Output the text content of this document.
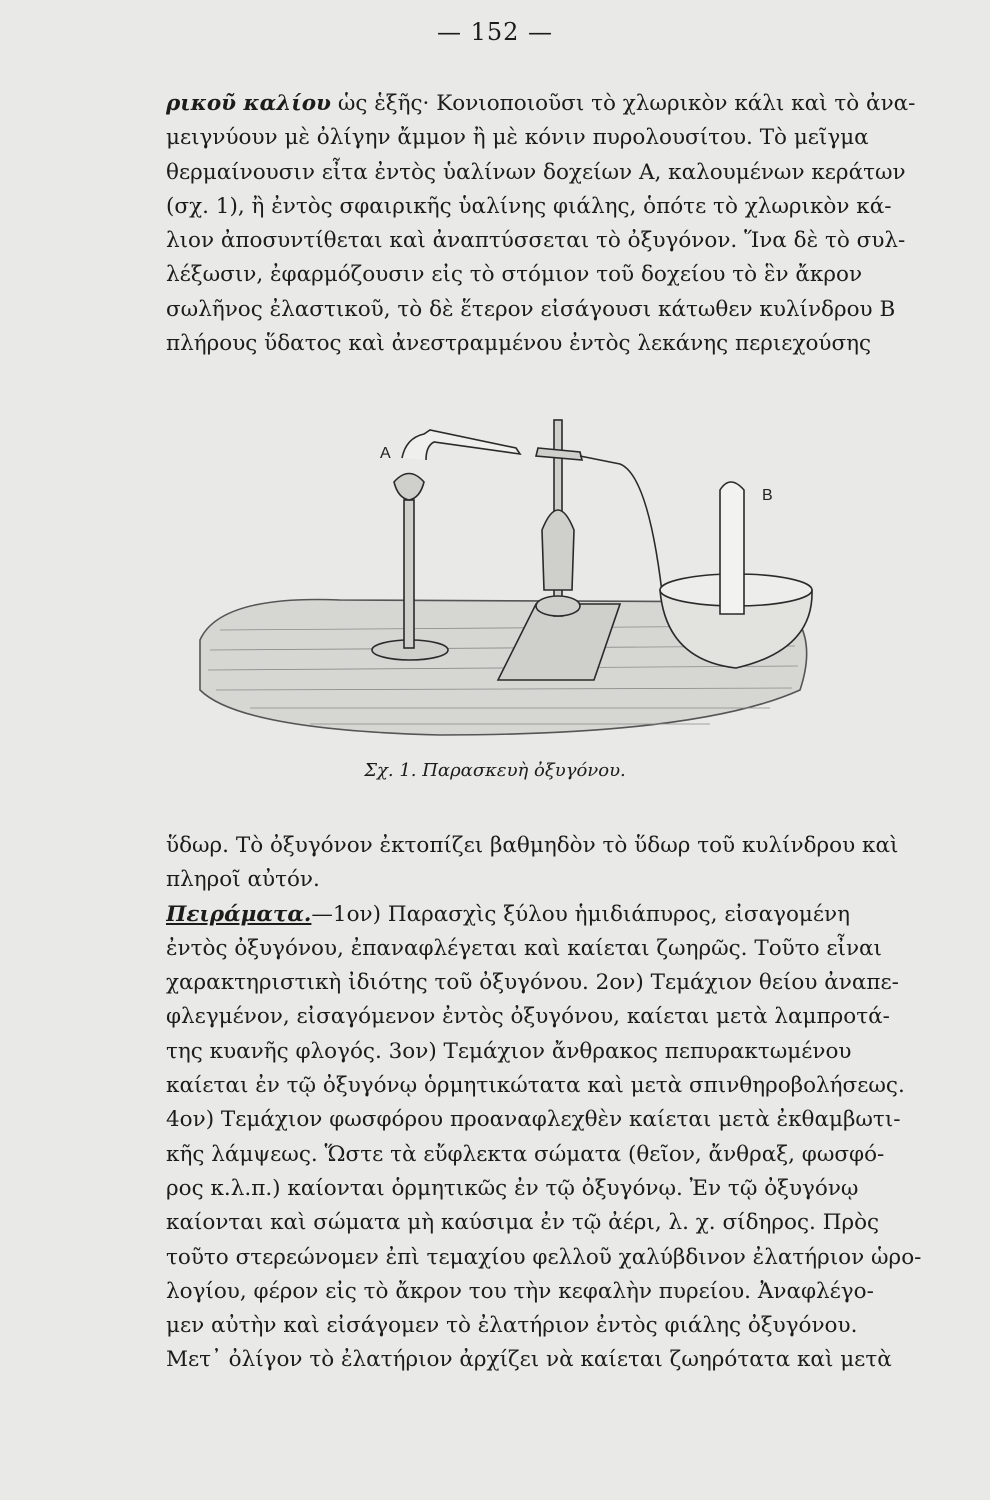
— 152 —
ρικοῦ καλίου ὡς ἑξῆς· Κονιοποιοῦσι τὸ χλωρικὸν κάλι καὶ τὸ ἀνα-
μειγνύουν μὲ ὀλίγην ἄμμον ἢ μὲ κόνιν πυρολουσίτου. Τὸ μεῖγμα
θερμαίνουσιν εἶτα ἐντὸς ὑαλίνων δοχείων Α, καλουμένων κεράτων
(σχ. 1), ἢ ἐντὸς σφαιρικῆς ὑαλίνης φιάλης, ὁπότε τὸ χλωρικὸν κά-
λιον ἀποσυντίθεται καὶ ἀναπτύσσεται τὸ ὀξυγόνον. Ἵνα δὲ τὸ συλ-
λέξωσιν, ἐφαρμόζουσιν εἰς τὸ στόμιον τοῦ δοχείου τὸ ἓν ἄκρον
σωλῆνος ἐλαστικοῦ, τὸ δὲ ἕτερον εἰσάγουσι κάτωθεν κυλίνδρου Β
πλήρους ὕδατος καὶ ἀνεστραμμένου ἐντὸς λεκάνης περιεχούσης
A
B
Σχ. 1. Παρασκευὴ ὀξυγόνου.
ὕδωρ. Τὸ ὀξυγόνον ἐκτοπίζει βαθμηδὸν τὸ ὕδωρ τοῦ κυλίνδρου καὶ
πληροῖ αὐτόν.
Πειράματα.—1ον) Παρασχὶς ξύλου ἡμιδιάπυρος, εἰσαγομένη
ἐντὸς ὀξυγόνου, ἐπαναφλέγεται καὶ καίεται ζωηρῶς. Τοῦτο εἶναι
χαρακτηριστικὴ ἰδιότης τοῦ ὀξυγόνου. 2ον) Τεμάχιον θείου ἀναπε-
φλεγμένον, εἰσαγόμενον ἐντὸς ὀξυγόνου, καίεται μετὰ λαμπροτά-
της κυανῆς φλογός. 3ον) Τεμάχιον ἄνθρακος πεπυρακτωμένου
καίεται ἐν τῷ ὀξυγόνῳ ὁρμητικώτατα καὶ μετὰ σπινθηροβολήσεως.
4ον) Τεμάχιον φωσφόρου προαναφλεχθὲν καίεται μετὰ ἐκθαμβωτι-
κῆς λάμψεως. Ὥστε τὰ εὔφλεκτα σώματα (θεῖον, ἄνθραξ, φωσφό-
ρος κ.λ.π.) καίονται ὁρμητικῶς ἐν τῷ ὀξυγόνῳ. Ἐν τῷ ὀξυγόνῳ
καίονται καὶ σώματα μὴ καύσιμα ἐν τῷ ἀέρι, λ. χ. σίδηρος. Πρὸς
τοῦτο στερεώνομεν ἐπὶ τεμαχίου φελλοῦ χαλύβδινον ἐλατήριον ὡρο-
λογίου, φέρον εἰς τὸ ἄκρον του τὴν κεφαλὴν πυρείου. Ἀναφλέγο-
μεν αὐτὴν καὶ εἰσάγομεν τὸ ἐλατήριον ἐντὸς φιάλης ὀξυγόνου.
Μετ᾽ ὀλίγον τὸ ἐλατήριον ἀρχίζει νὰ καίεται ζωηρότατα καὶ μετὰ
